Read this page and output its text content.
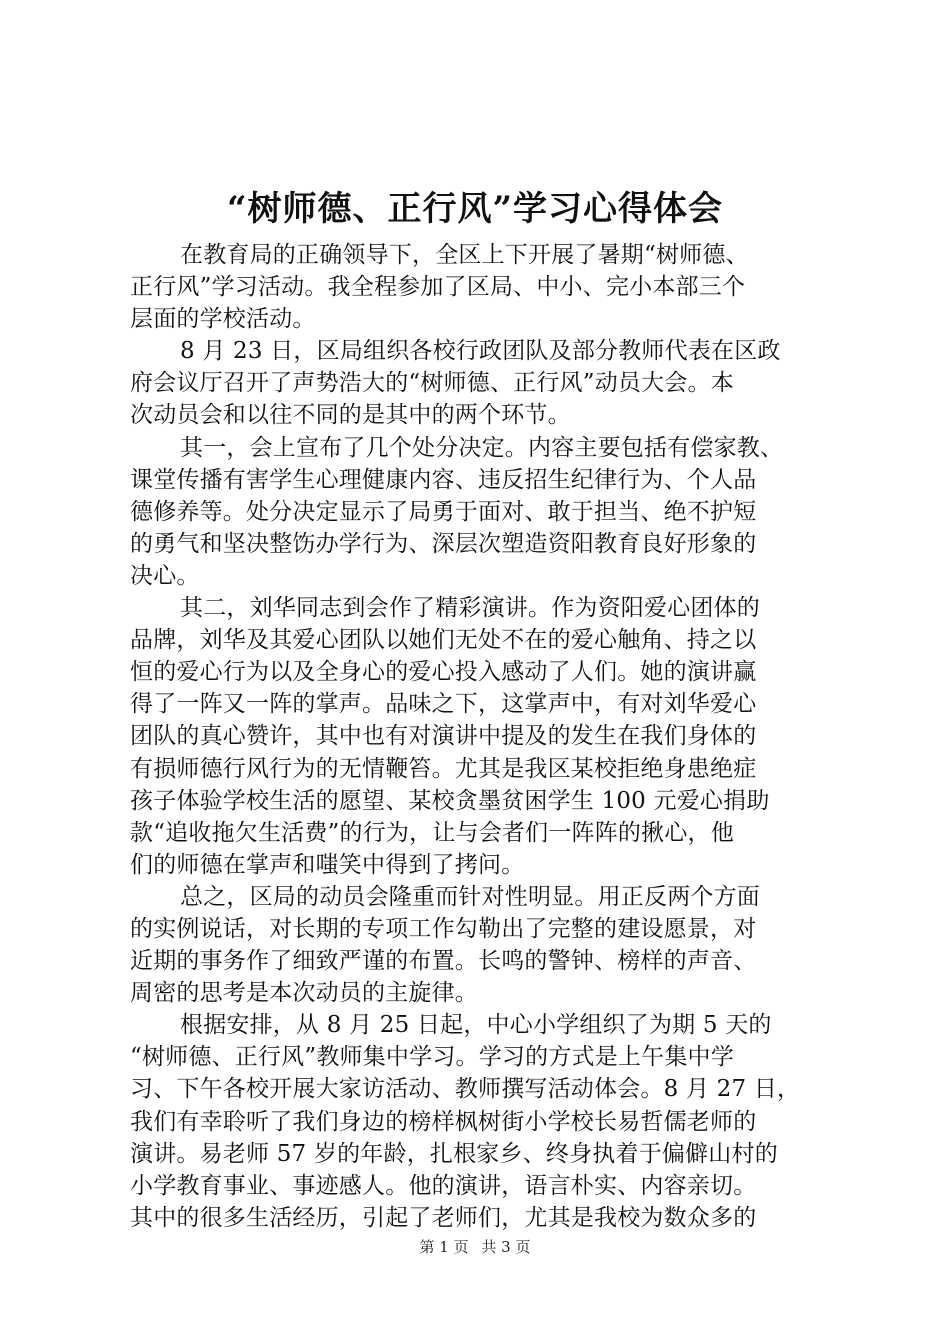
“树师德、正行风”学习心得体会

在教育局的正确领导下，全区上下开展了暑期“树师德、
正行风”学习活动。我全程参加了区局、中小、完小本部三个
层面的学校活动。

8 月 23 日，区局组织各校行政团队及部分教师代表在区政
府会议厅召开了声势浩大的“树师德、正行风”动员大会。本
次动员会和以往不同的是其中的两个环节。

其一，会上宣布了几个处分决定。内容主要包括有偿家教、
课堂传播有害学生心理健康内容、违反招生纪律行为、个人品
德修养等。处分决定显示了局勇于面对、敢于担当、绝不护短
的勇气和坚决整饬办学行为、深层次塑造资阳教育良好形象的
决心。

其二，刘华同志到会作了精彩演讲。作为资阳爱心团体的
品牌，刘华及其爱心团队以她们无处不在的爱心触角、持之以
恒的爱心行为以及全身心的爱心投入感动了人们。她的演讲赢
得了一阵又一阵的掌声。品味之下，这掌声中，有对刘华爱心
团队的真心赞许，其中也有对演讲中提及的发生在我们身体的
有损师德行风行为的无情鞭笞。尤其是我区某校拒绝身患绝症
孩子体验学校生活的愿望、某校贪墨贫困学生 100 元爱心捐助
款“追收拖欠生活费”的行为，让与会者们一阵阵的揪心，他
们的师德在掌声和嗤笑中得到了拷问。

总之，区局的动员会隆重而针对性明显。用正反两个方面
的实例说话，对长期的专项工作勾勒出了完整的建设愿景，对
近期的事务作了细致严谨的布置。长鸣的警钟、榜样的声音、
周密的思考是本次动员的主旋律。

根据安排，从 8 月 25 日起，中心小学组织了为期 5 天的
“树师德、正行风”教师集中学习。学习的方式是上午集中学
习、下午各校开展大家访活动、教师撰写活动体会。8 月 27 日，
我们有幸聆听了我们身边的榜样枫树街小学校长易哲儒老师的
演讲。易老师 57 岁的年龄，扎根家乡、终身执着于偏僻山村的
小学教育事业、事迹感人。他的演讲，语言朴实、内容亲切。
其中的很多生活经历，引起了老师们，尤其是我校为数众多的

第 1 页 共 3 页
